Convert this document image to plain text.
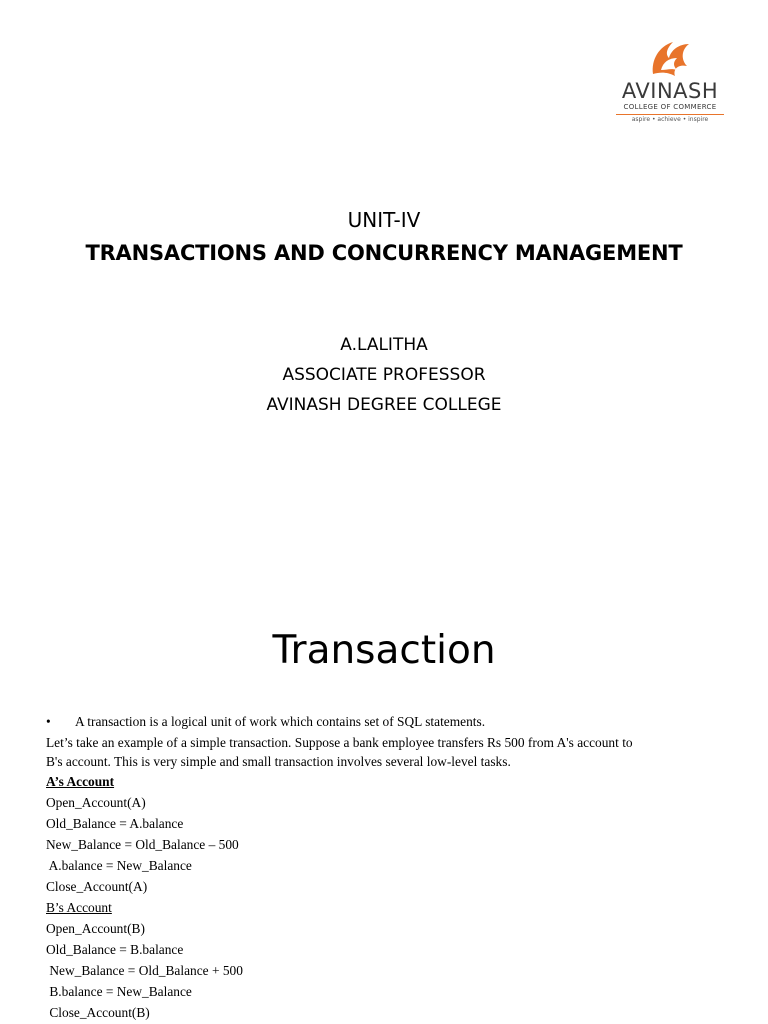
AVINASH
COLLEGE OF COMMERCE
aspire • achieve • inspire
UNIT-IV
TRANSACTIONS AND CONCURRENCY MANAGEMENT
A.LALITHA
ASSOCIATE PROFESSOR
AVINASH DEGREE COLLEGE
Transaction
• A transaction is a logical unit of work which contains set of SQL statements.
Let’s take an example of a simple transaction. Suppose a bank employee transfers Rs 500 from A's account to
B's account. This is very simple and small transaction involves several low-level tasks.
A’s Account
Open_Account(A)
Old_Balance = A.balance
New_Balance = Old_Balance – 500
A.balance = New_Balance
Close_Account(A)
B’s Account
Open_Account(B)
Old_Balance = B.balance
New_Balance = Old_Balance + 500
B.balance = New_Balance
Close_Account(B)
